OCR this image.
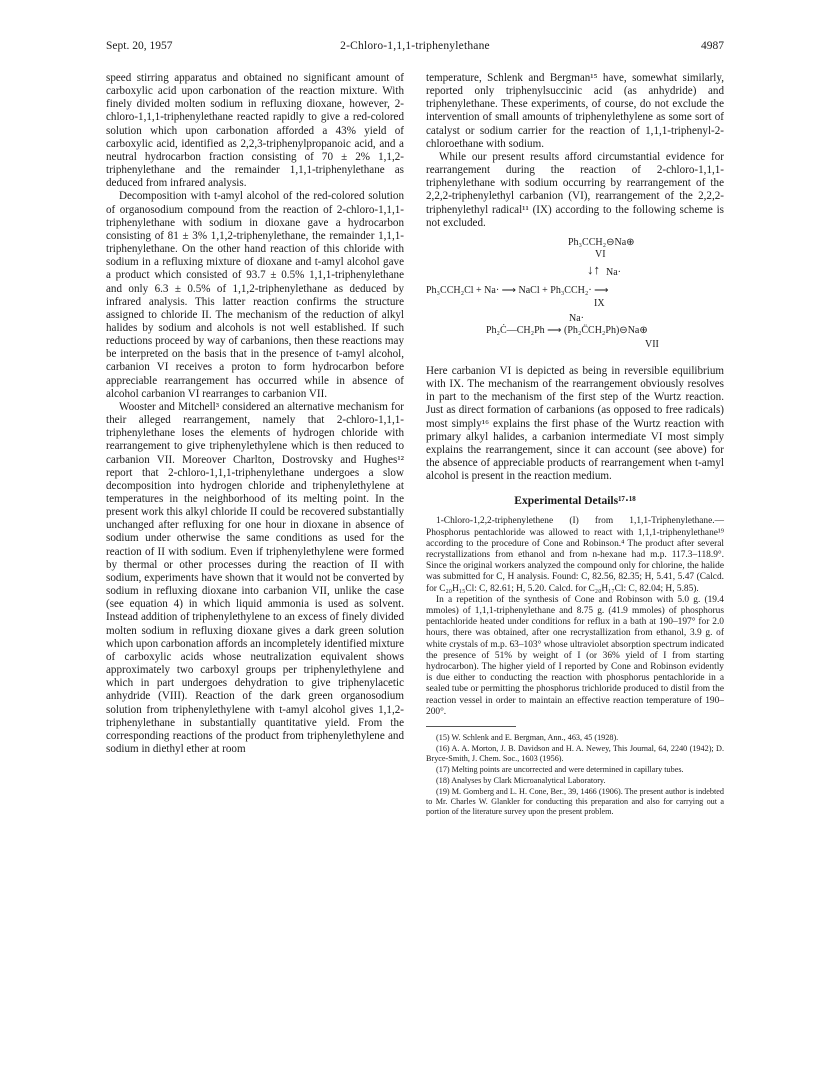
Sept. 20, 1957	2-Chloro-1,1,1-triphenylethane	4987

speed stirring apparatus and obtained no significant amount of carboxylic acid upon carbonation of the reaction mixture. With finely divided molten sodium in refluxing dioxane, however, 2-chloro-1,1,1-triphenylethane reacted rapidly to give a red-colored solution which upon carbonation afforded a 43% yield of carboxylic acid, identified as 2,2,3-triphenylpropanoic acid, and a neutral hydrocarbon fraction consisting of 70 ± 2% 1,1,2-triphenylethane and the remainder 1,1,1-triphenylethane as deduced from infrared analysis.

Decomposition with t-amyl alcohol of the red-colored solution of organosodium compound from the reaction of 2-chloro-1,1,1-triphenylethane with sodium in dioxane gave a hydrocarbon consisting of 81 ± 3% 1,1,2-triphenylethane, the remainder 1,1,1-triphenylethane. On the other hand reaction of this chloride with sodium in a refluxing mixture of dioxane and t-amyl alcohol gave a product which consisted of 93.7 ± 0.5% 1,1,1-triphenylethane and only 6.3 ± 0.5% of 1,1,2-triphenylethane as deduced by infrared analysis. This latter reaction confirms the structure assigned to chloride II. The mechanism of the reduction of alkyl halides by sodium and alcohols is not well established. If such reductions proceed by way of carbanions, then these reactions may be interpreted on the basis that in the presence of t-amyl alcohol, carbanion VI receives a proton to form hydrocarbon before appreciable rearrangement has occurred while in absence of alcohol carbanion VI rearranges to carbanion VII.

Wooster and Mitchell³ considered an alternative mechanism for their alleged rearrangement, namely that 2-chloro-1,1,1-triphenylethane loses the elements of hydrogen chloride with rearrangement to give triphenylethylene which is then reduced to carbanion VII. Moreover Charlton, Dostrovsky and Hughes¹² report that 2-chloro-1,1,1-triphenylethane undergoes a slow decomposition into hydrogen chloride and triphenylethylene at temperatures in the neighborhood of its melting point. In the present work this alkyl chloride II could be recovered substantially unchanged after refluxing for one hour in dioxane in absence of sodium under otherwise the same conditions as used for the reaction of II with sodium. Even if triphenylethylene were formed by thermal or other processes during the reaction of II with sodium, experiments have shown that it would not be converted by sodium in refluxing dioxane into carbanion VII, unlike the case (see equation 4) in which liquid ammonia is used as solvent. Instead addition of triphenylethylene to an excess of finely divided molten sodium in refluxing dioxane gives a dark green solution which upon carbonation affords an incompletely identified mixture of carboxylic acids whose neutralization equivalent shows approximately two carboxyl groups per triphenylethylene and which in part undergoes dehydration to give triphenylacetic anhydride (VIII). Reaction of the dark green organosodium solution from triphenylethylene with t-amyl alcohol gives 1,1,2-triphenylethane in substantially quantitative yield. From the corresponding reactions of the product from triphenylethylene and sodium in diethyl ether at room

temperature, Schlenk and Bergman¹⁵ have, somewhat similarly, reported only triphenylsuccinic acid (as anhydride) and triphenylethane. These experiments, of course, do not exclude the intervention of small amounts of triphenylethylene as some sort of catalyst or sodium carrier for the reaction of 1,1,1-triphenyl-2-chloroethane with sodium.

While our present results afford circumstantial evidence for rearrangement during the reaction of 2-chloro-1,1,1-triphenylethane with sodium occurring by rearrangement of the 2,2,2-triphenylethyl carbanion (VI), rearrangement of the 2,2,2-triphenylethyl radical¹¹ (IX) according to the following scheme is not excluded.

Ph₃CCH₂⊖Na⊕
VI
↓↑ Na·
Ph₃CCH₂Cl + Na· ⟶ NaCl + Ph₃CCH₂· ⟶
IX
Na·
Ph₂Ċ—CH₂Ph ⟶ (Ph₂C̈CH₂Ph)⊖Na⊕
VII

Here carbanion VI is depicted as being in reversible equilibrium with IX. The mechanism of the rearrangement obviously resolves in part to the mechanism of the first step of the Wurtz reaction. Just as direct formation of carbanions (as opposed to free radicals) most simply¹⁶ explains the first phase of the Wurtz reaction with primary alkyl halides, a carbanion intermediate VI most simply explains the rearrangement, since it can account (see above) for the absence of appreciable products of rearrangement when t-amyl alcohol is present in the reaction medium.

Experimental Details¹⁷·¹⁸

1-Chloro-1,2,2-triphenylethene (I) from 1,1,1-Triphenylethane.—Phosphorus pentachloride was allowed to react with 1,1,1-triphenylethane¹⁹ according to the procedure of Cone and Robinson.⁴ The product after several recrystallizations from ethanol and from n-hexane had m.p. 117.3–118.9°. Since the original workers analyzed the compound only for chlorine, the halide was submitted for C, H analysis. Found: C, 82.56, 82.35; H, 5.41, 5.47 (Calcd. for C₂₀H₁₅Cl: C, 82.61; H, 5.20. Calcd. for C₂₀H₁₇Cl: C, 82.04; H, 5.85).

In a repetition of the synthesis of Cone and Robinson with 5.0 g. (19.4 mmoles) of 1,1,1-triphenylethane and 8.75 g. (41.9 mmoles) of phosphorus pentachloride heated under conditions for reflux in a bath at 190–197° for 2.0 hours, there was obtained, after one recrystallization from ethanol, 3.9 g. of white crystals of m.p. 63–103° whose ultraviolet absorption spectrum indicated the presence of 51% by weight of I (or 36% yield of I from starting hydrocarbon). The higher yield of I reported by Cone and Robinson evidently is due either to conducting the reaction with phosphorus pentachloride in a sealed tube or permitting the phosphorus trichloride produced to distil from the reaction vessel in order to maintain an effective reaction temperature of 190–200°.

(15) W. Schlenk and E. Bergman, Ann., 463, 45 (1928).

(16) A. A. Morton, J. B. Davidson and H. A. Newey, This Journal, 64, 2240 (1942); D. Bryce-Smith, J. Chem. Soc., 1603 (1956).

(17) Melting points are uncorrected and were determined in capillary tubes.

(18) Analyses by Clark Microanalytical Laboratory.

(19) M. Gomberg and L. H. Cone, Ber., 39, 1466 (1906). The present author is indebted to Mr. Charles W. Glankler for conducting this preparation and also for carrying out a portion of the literature survey upon the present problem.
